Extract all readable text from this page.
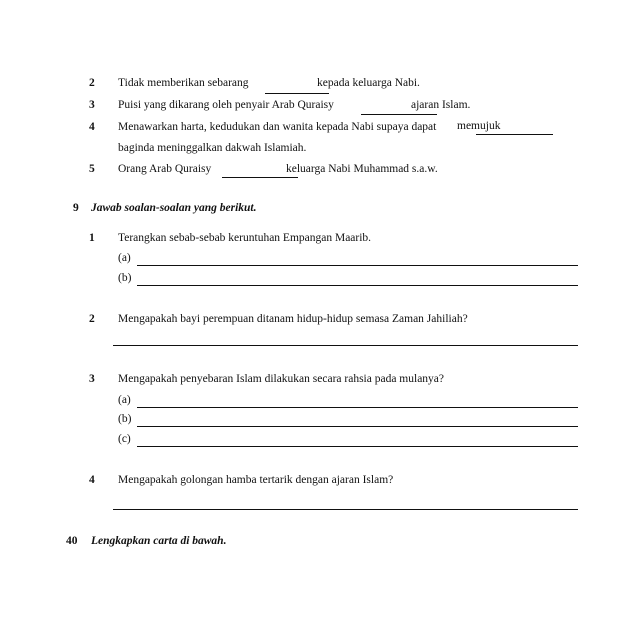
2 Tidak memberikan sebarang	kepada keluarga Nabi.
3 Puisi yang dikarang oleh penyair Arab Quraisy	ajaran Islam.
4 Menawarkan harta, kedudukan dan wanita kepada Nabi supaya dapat memujuk
baginda meninggalkan dakwah Islamiah.
5 Orang Arab Quraisy	keluarga Nabi Muhammad s.a.w.
9 Jawab soalan-soalan yang berikut.
1 Terangkan sebab-sebab keruntuhan Empangan Maarib.
(a)
(b)
2 Mengapakah bayi perempuan ditanam hidup-hidup semasa Zaman Jahiliah?
3 Mengapakah penyebaran Islam dilakukan secara rahsia pada mulanya?
(a)
(b)
(c)
4 Mengapakah golongan hamba tertarik dengan ajaran Islam?
40 Lengkapkan carta di bawah.
